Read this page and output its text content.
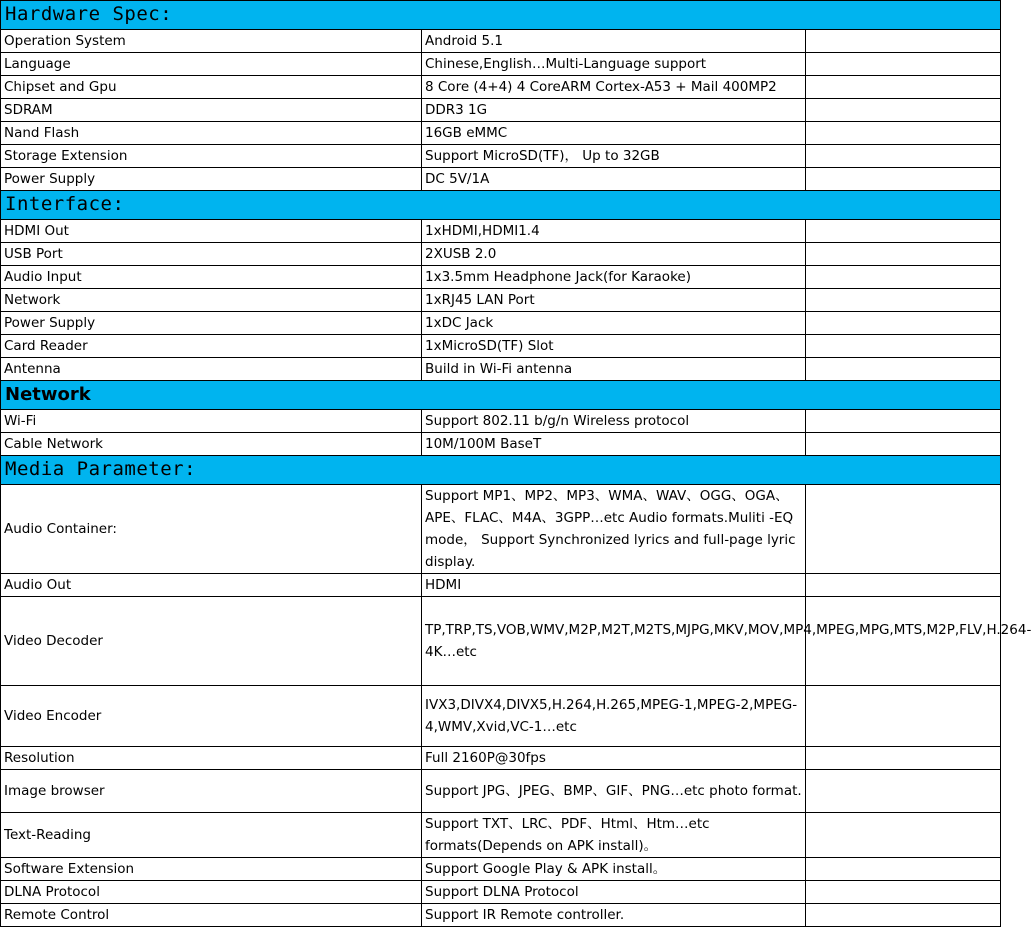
Hardware Spec:		
Operation System	Android 5.1	
Language	Chinese,English…Multi-Language support	
Chipset and Gpu	8 Core (4+4) 4 CoreARM Cortex-A53 + Mail 400MP2	
SDRAM	DDR3 1G	
Nand Flash	16GB eMMC	
Storage Extension	Support MicroSD(TF)， Up to 32GB	
Power Supply	DC 5V/1A	
Interface:		
HDMI Out	1xHDMI,HDMI1.4	
USB Port	2XUSB 2.0	
Audio Input	1x3.5mm Headphone Jack(for Karaoke)	
Network	1xRJ45 LAN Port	
Power Supply	1xDC Jack	
Card Reader	1xMicroSD(TF) Slot	
Antenna	Build in Wi-Fi antenna	
Network		
Wi-Fi	Support 802.11 b/g/n Wireless protocol	
Cable Network	10M/100M BaseT	
Media Parameter:		
Audio Container:	Support MP1、MP2、MP3、WMA、WAV、OGG、OGA、APE、FLAC、M4A、3GPP…etc Audio formats.Muliti -EQ mode， Support Synchronized lyrics and full-page lyric display.	
Audio Out	HDMI	
Video Decoder	TP,TRP,TS,VOB,WMV,M2P,M2T,M2TS,MJPG,MKV,MOV,MP4,MPEG,MPG,MTS,M2P,FLV,H.264-4K…etc	
Video Encoder	IVX3,DIVX4,DIVX5,H.264,H.265,MPEG-1,MPEG-2,MPEG-4,WMV,Xvid,VC-1…etc	
Resolution	Full 2160P@30fps	
Image browser	Support JPG、JPEG、BMP、GIF、PNG…etc photo format.	
Text-Reading	Support TXT、LRC、PDF、Html、Htm…etc formats(Depends on APK install)。	
Software Extension	Support Google Play & APK install。	
DLNA Protocol	Support DLNA Protocol	
Remote Control	Support IR Remote controller.	
